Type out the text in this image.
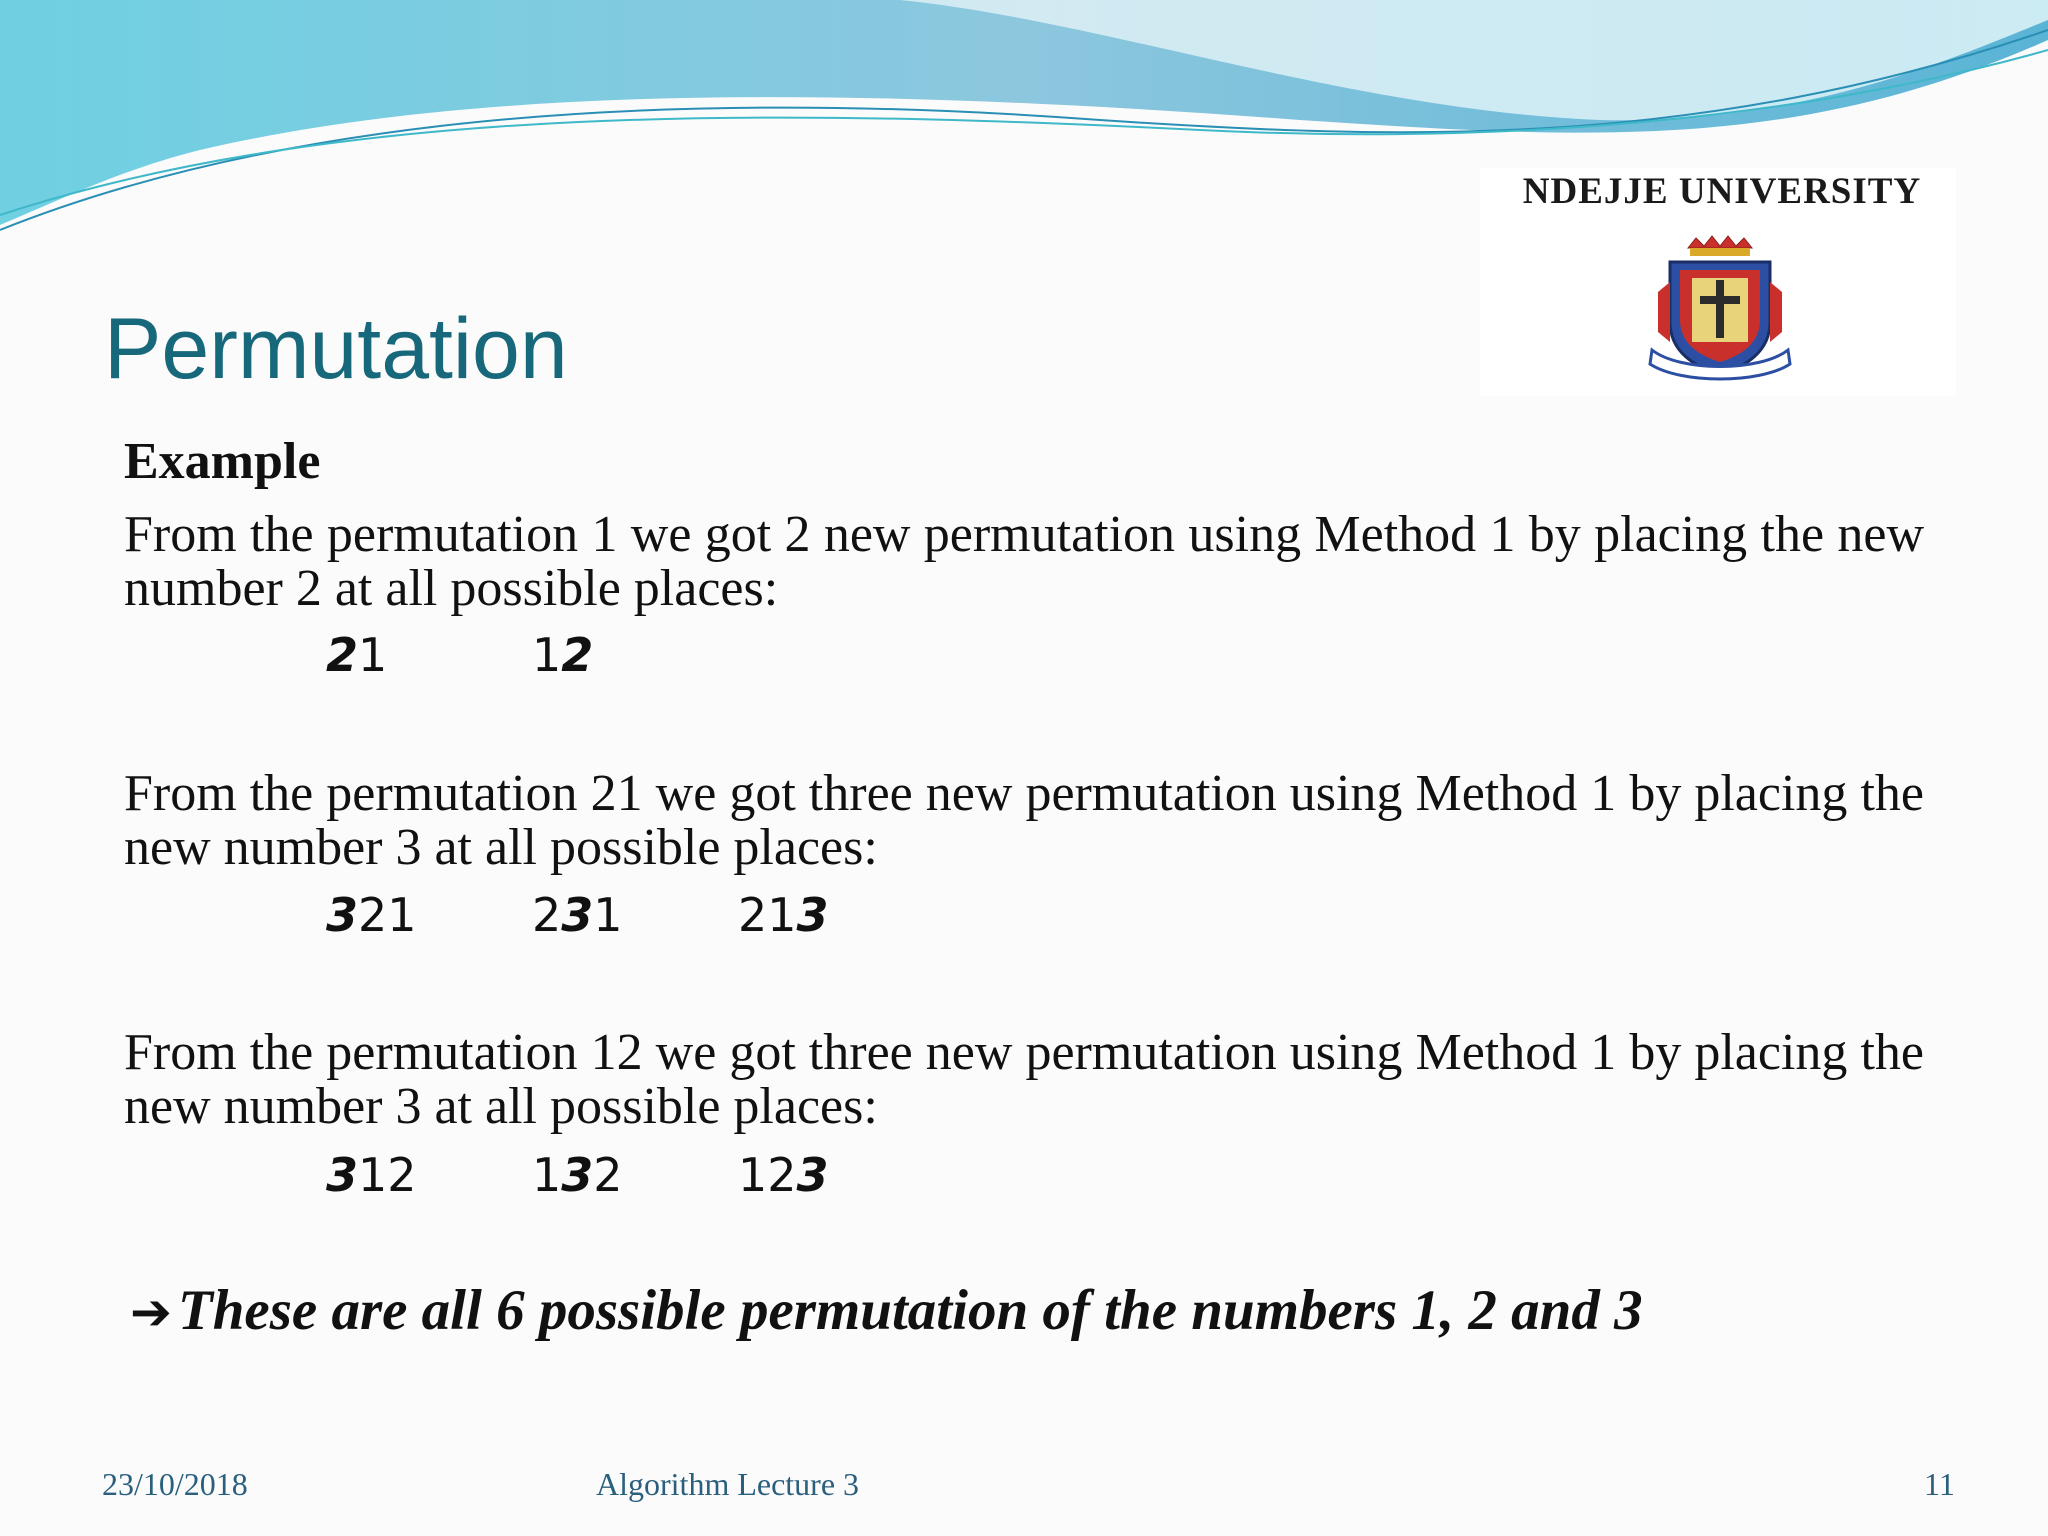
NDEJJE UNIVERSITY
Permutation
Example
From the permutation 1 we got 2 new permutation using Method 1 by placing the new number 2 at all possible places:
21	12
From the permutation 21 we got three new permutation using Method 1 by placing the new number 3 at all possible places:
321	231	213
From the permutation 12 we got three new permutation using Method 1 by placing the new number 3 at all possible places:
312	132	123
➔ These are all 6 possible permutation of the numbers 1, 2 and 3
23/10/2018	Algorithm Lecture 3	11
